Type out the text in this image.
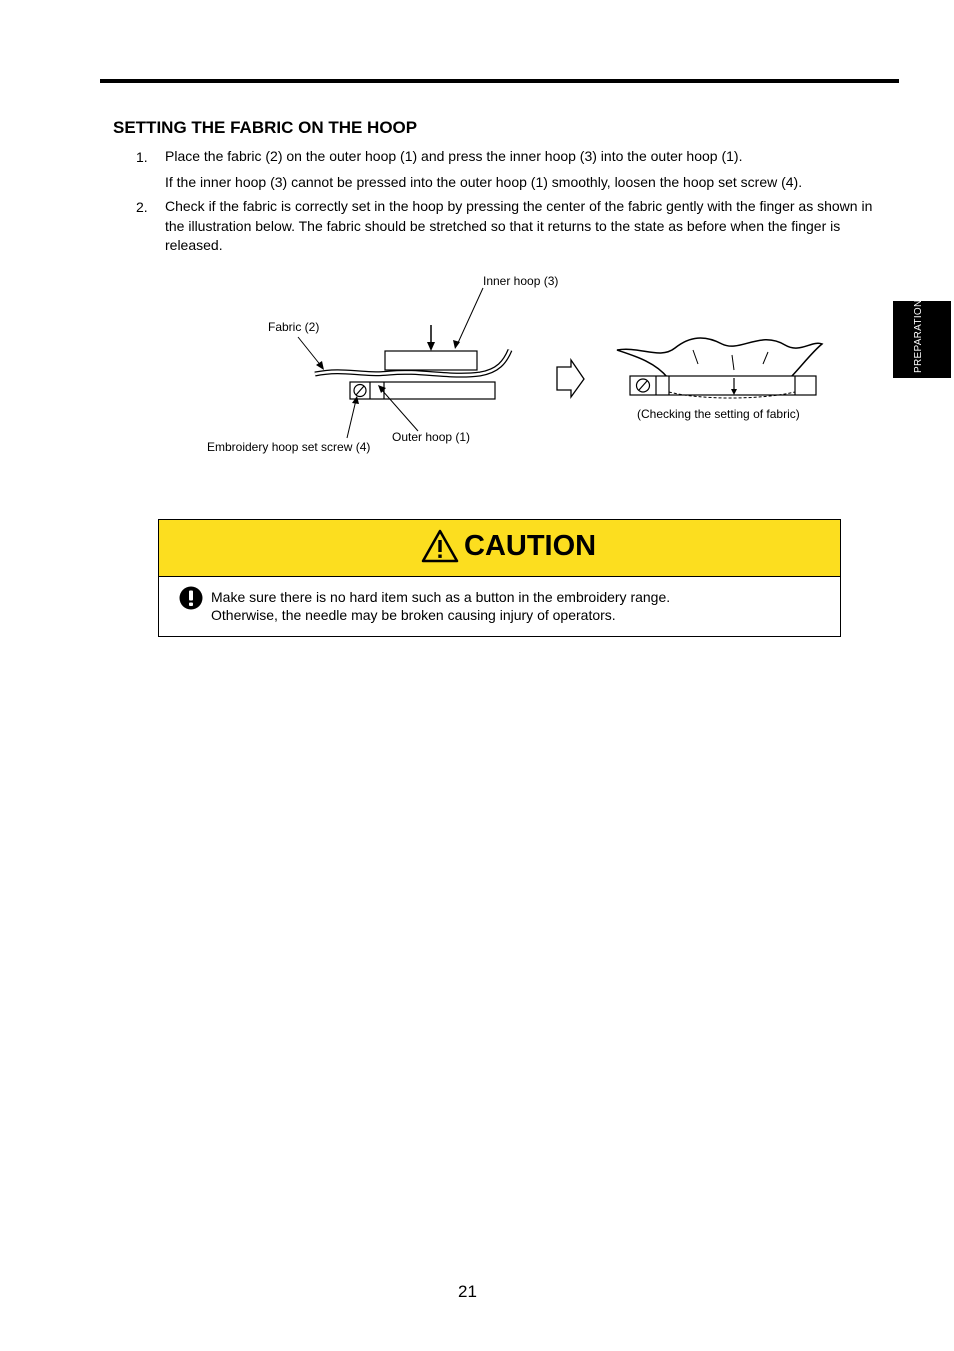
PREPARATION
SETTING THE FABRIC ON THE HOOP
1. Place the fabric (2) on the outer hoop (1) and press the inner hoop (3) into the outer hoop (1).

If the inner hoop (3) cannot be pressed into the outer hoop (1) smoothly, loosen the hoop set screw (4).

2. Check if the fabric is correctly set in the hoop by pressing the center of the fabric gently with the finger as shown in the illustration below. The fabric should be stretched so that it returns to the state as before when the finger is released.

Inner hoop (3)
Fabric (2)
Outer hoop (1)
Embroidery hoop set screw (4)
(Checking the setting of fabric)
CAUTION
Make sure there is no hard item such as a button in the embroidery range.
Otherwise, the needle may be broken causing injury of operators.
21
